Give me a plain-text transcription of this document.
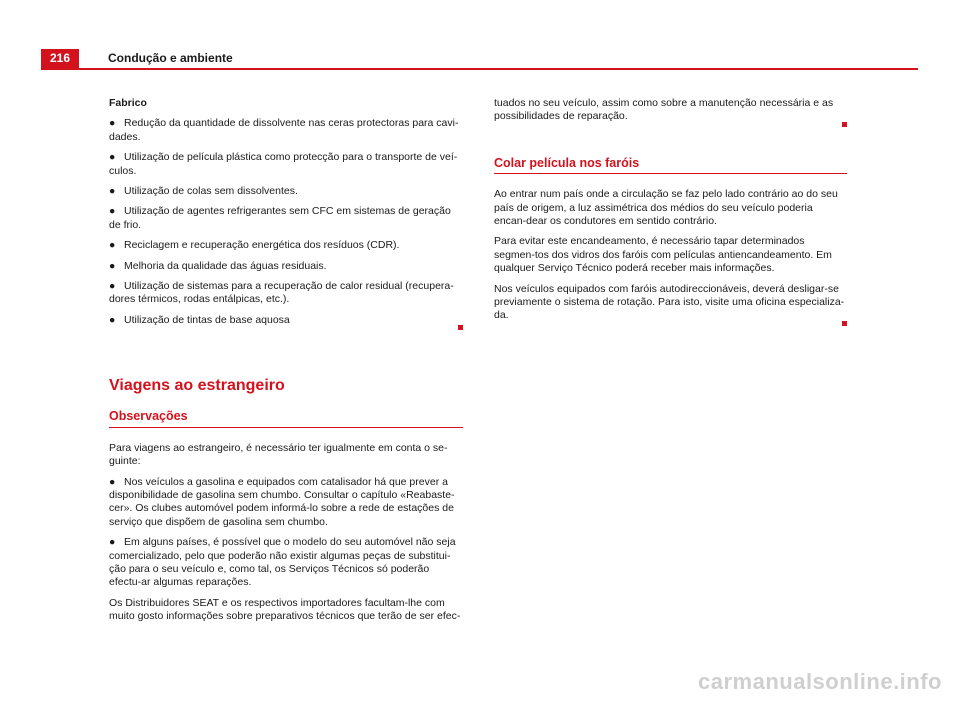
216	Condução e ambiente

Fabrico

● Redução da quantidade de dissolvente nas ceras protectoras para cavi-dades.
● Utilização de película plástica como protecção para o transporte de veí-culos.
● Utilização de colas sem dissolventes.
● Utilização de agentes refrigerantes sem CFC em sistemas de geração de frio.
● Reciclagem e recuperação energética dos resíduos (CDR).
● Melhoria da qualidade das águas residuais.
● Utilização de sistemas para a recuperação de calor residual (recupera-dores térmicos, rodas entálpicas, etc.).
● Utilização de tintas de base aquosa
Viagens ao estrangeiro
Observações

Para viagens ao estrangeiro, é necessário ter igualmente em conta o se-guinte:

● Nos veículos a gasolina e equipados com catalisador há que prever a disponibilidade de gasolina sem chumbo. Consultar o capítulo «Reabaste-cer». Os clubes automóvel podem informá-lo sobre a rede de estações de serviço que dispõem de gasolina sem chumbo.
● Em alguns países, é possível que o modelo do seu automóvel não seja comercializado, pelo que poderão não existir algumas peças de substitui-ção para o seu veículo e, como tal, os Serviços Técnicos só poderão efectu-ar algumas reparações.

Os Distribuidores SEAT e os respectivos importadores facultam-lhe com muito gosto informações sobre preparativos técnicos que terão de ser efec-

tuados no seu veículo, assim como sobre a manutenção necessária e as possibilidades de reparação.

Colar película nos faróis

Ao entrar num país onde a circulação se faz pelo lado contrário ao do seu país de origem, a luz assimétrica dos médios do seu veículo poderia encan-dear os condutores em sentido contrário.

Para evitar este encandeamento, é necessário tapar determinados segmen-tos dos vidros dos faróis com películas antiencandeamento. Em qualquer Serviço Técnico poderá receber mais informações.

Nos veículos equipados com faróis autodireccionáveis, deverá desligar-se previamente o sistema de rotação. Para isto, visite uma oficina especializa-da.

carmanualsonline.info
